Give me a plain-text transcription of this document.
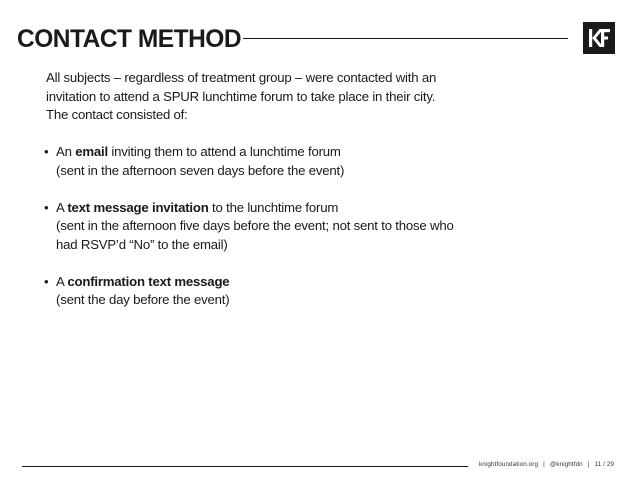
CONTACT METHOD

All subjects – regardless of treatment group – were contacted with an

invitation to attend a SPUR lunchtime forum to take place in their city.

The contact consisted of:

• An email inviting them to attend a lunchtime forum
(sent in the afternoon seven days before the event)
• A text message invitation to the lunchtime forum
(sent in the afternoon five days before the event; not sent to those who
had RSVP’d “No” to the email)
• A confirmation text message
(sent the day before the event)
knightfoundation.org | @knightfdn | 11 / 29
